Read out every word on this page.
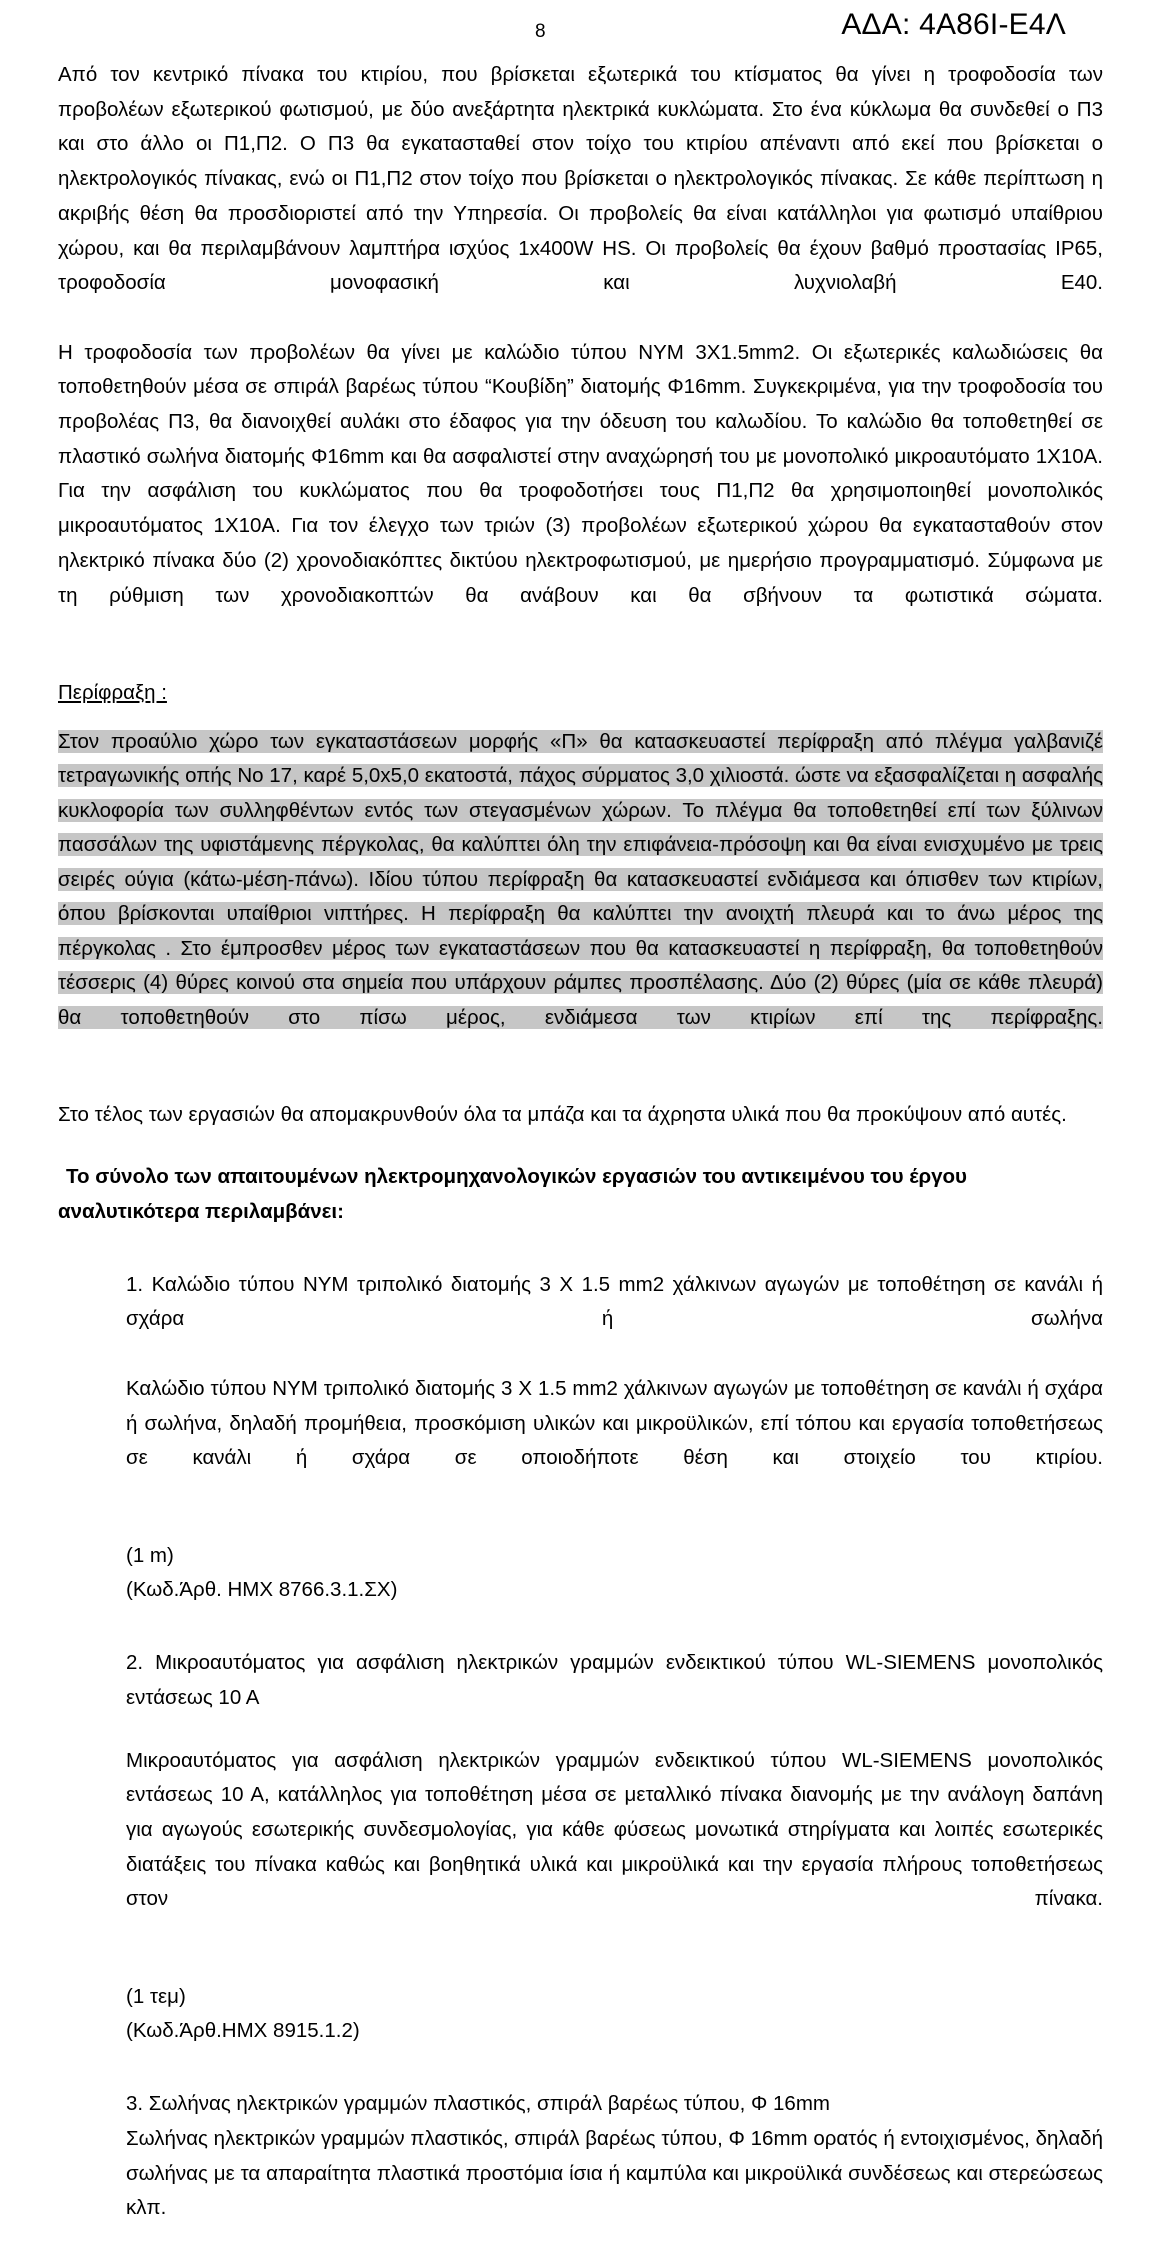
8	ΑΔΑ: 4Α86Ι-Ε4Λ

Από τον κεντρικό πίνακα του κτιρίου, που βρίσκεται εξωτερικά του κτίσματος θα γίνει η τροφοδοσία των προβολέων εξωτερικού φωτισμού, με δύο ανεξάρτητα ηλεκτρικά κυκλώματα. Στο ένα κύκλωμα θα συνδεθεί ο Π3 και στο άλλο οι Π1,Π2. Ο Π3 θα εγκατασταθεί στον τοίχο του κτιρίου απέναντι από εκεί που βρίσκεται ο ηλεκτρολογικός πίνακας, ενώ οι Π1,Π2 στον τοίχο που βρίσκεται ο ηλεκτρολογικός πίνακας. Σε κάθε περίπτωση η ακριβής θέση θα προσδιοριστεί από την Υπηρεσία. Οι προβολείς θα είναι κατάλληλοι για φωτισμό υπαίθριου χώρου, και θα περιλαμβάνουν λαμπτήρα ισχύος 1x400W HS. Οι προβολείς θα έχουν βαθμό προστασίας IP65, τροφοδοσία μονοφασική και λυχνιολαβή Ε40.

Η τροφοδοσία των προβολέων θα γίνει με καλώδιο τύπου NYM 3Χ1.5mm2. Οι εξωτερικές καλωδιώσεις θα τοποθετηθούν μέσα σε σπιράλ βαρέως τύπου “Κουβίδη” διατομής Φ16mm. Συγκεκριμένα, για την τροφοδοσία του προβολέας Π3, θα διανοιχθεί αυλάκι στο έδαφος για την όδευση του καλωδίου. Το καλώδιο θα τοποθετηθεί σε πλαστικό σωλήνα διατομής Φ16mm και θα ασφαλιστεί στην αναχώρησή του με μονοπολικό μικροαυτόματο 1Χ10Α. Για την ασφάλιση του κυκλώματος που θα τροφοδοτήσει τους Π1,Π2 θα χρησιμοποιηθεί μονοπολικός μικροαυτόματος 1Χ10Α. Για τον έλεγχο των τριών (3) προβολέων εξωτερικού χώρου θα εγκατασταθούν στον ηλεκτρικό πίνακα δύο (2) χρονοδιακόπτες δικτύου ηλεκτροφωτισμού, με ημερήσιο προγραμματισμό. Σύμφωνα με τη ρύθμιση των χρονοδιακοπτών θα ανάβουν και θα σβήνουν τα φωτιστικά σώματα.

Περίφραξη :

Στον προαύλιο χώρο των εγκαταστάσεων μορφής «Π» θα κατασκευαστεί περίφραξη από πλέγμα γαλβανιζέ τετραγωνικής οπής Νο 17, καρέ 5,0x5,0 εκατοστά, πάχος σύρματος 3,0 χιλιοστά. ώστε να εξασφαλίζεται η ασφαλής κυκλοφορία των συλληφθέντων εντός των στεγασμένων χώρων. Το πλέγμα θα τοποθετηθεί επί των ξύλινων πασσάλων της υφιστάμενης πέργκολας, θα καλύπτει όλη την επιφάνεια-πρόσοψη και θα είναι ενισχυμένο με τρεις σειρές ούγια (κάτω-μέση-πάνω). Ιδίου τύπου περίφραξη θα κατασκευαστεί ενδιάμεσα και όπισθεν των κτιρίων, όπου βρίσκονται υπαίθριοι νιπτήρες. Η περίφραξη θα καλύπτει την ανοιχτή πλευρά και το άνω μέρος της πέργκολας . Στο έμπροσθεν μέρος των εγκαταστάσεων που θα κατασκευαστεί η περίφραξη, θα τοποθετηθούν τέσσερις (4) θύρες κοινού στα σημεία που υπάρχουν ράμπες προσπέλασης. Δύο (2) θύρες (μία σε κάθε πλευρά) θα τοποθετηθούν στο πίσω μέρος, ενδιάμεσα των κτιρίων επί της περίφραξης.

Στο τέλος των εργασιών θα απομακρυνθούν όλα τα μπάζα και τα άχρηστα υλικά που θα προκύψουν από αυτές.

Το σύνολο των απαιτουμένων ηλεκτρομηχανολογικών εργασιών του αντικειμένου του έργου αναλυτικότερα περιλαμβάνει:

1. Καλώδιο τύπου NYM τριπολικό διατομής 3 Χ 1.5 mm2 χάλκινων αγωγών με τοποθέτηση σε κανάλι ή σχάρα ή σωλήνα

Καλώδιο τύπου NYM τριπολικό διατομής 3 Χ 1.5 mm2 χάλκινων αγωγών με τοποθέτηση σε κανάλι ή σχάρα ή σωλήνα, δηλαδή προμήθεια, προσκόμιση υλικών και μικροϋλικών, επί τόπου και εργασία τοποθετήσεως σε κανάλι ή σχάρα σε οποιοδήποτε θέση και στοιχείο του κτιρίου.

(1 m)

(Κωδ.Άρθ. ΗΜΧ 8766.3.1.ΣΧ)

2. Μικροαυτόματος για ασφάλιση ηλεκτρικών γραμμών ενδεικτικού τύπου WL-SIEMENS μονοπολικός εντάσεως 10 Α

Μικροαυτόματος για ασφάλιση ηλεκτρικών γραμμών ενδεικτικού τύπου WL-SIEMENS μονοπολικός εντάσεως 10 Α, κατάλληλος για τοποθέτηση μέσα σε μεταλλικό πίνακα διανομής με την ανάλογη δαπάνη για αγωγούς εσωτερικής συνδεσμολογίας, για κάθε φύσεως μονωτικά στηρίγματα και λοιπές εσωτερικές διατάξεις του πίνακα καθώς και βοηθητικά υλικά και μικροϋλικά και την εργασία πλήρους τοποθετήσεως στον πίνακα.

(1 τεμ)

(Κωδ.Άρθ.ΗΜΧ 8915.1.2)

3. Σωλήνας ηλεκτρικών γραμμών πλαστικός, σπιράλ βαρέως τύπου, Φ 16mm

Σωλήνας ηλεκτρικών γραμμών πλαστικός, σπιράλ βαρέως τύπου, Φ 16mm ορατός ή εντοιχισμένος, δηλαδή σωλήνας με τα απαραίτητα πλαστικά προστόμια ίσια ή καμπύλα και μικροϋλικά συνδέσεως και στερεώσεως κλπ.
